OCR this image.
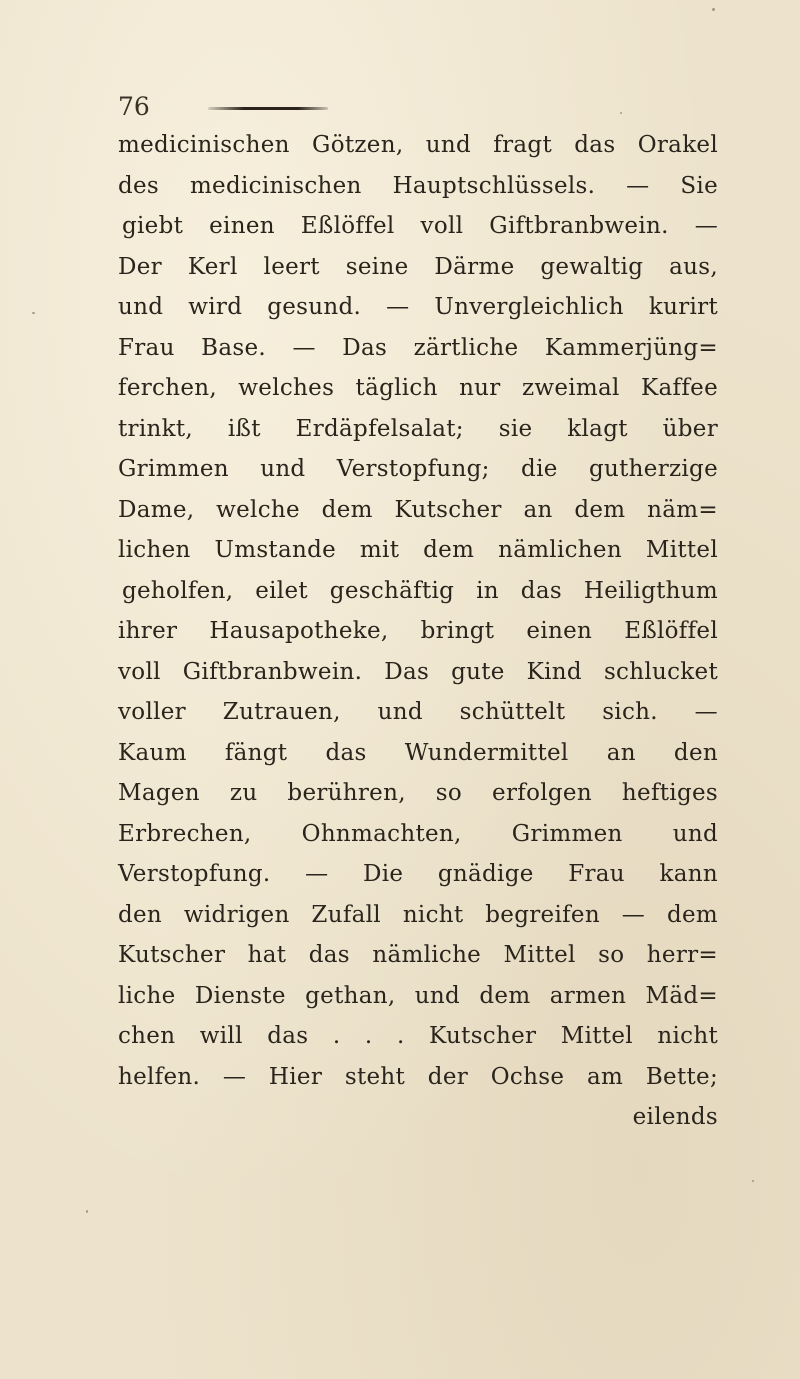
76
medicinischen Götzen, und fragt das Orakel
des medicinischen Hauptschlüssels. — Sie
giebt einen Eßlöffel voll Giftbranbwein. —
Der Kerl leert seine Därme gewaltig aus,
und wird gesund. — Unvergleichlich kurirt
Frau Base. — Das zärtliche Kammerjüng=
ferchen, welches täglich nur zweimal Kaffee
trinkt, ißt Erdäpfelsalat; sie klagt über
Grimmen und Verstopfung; die gutherzige
Dame, welche dem Kutscher an dem näm=
lichen Umstande mit dem nämlichen Mittel
geholfen, eilet geschäftig in das Heiligthum
ihrer Hausapotheke, bringt einen Eßlöffel
voll Giftbranbwein. Das gute Kind schlucket
voller Zutrauen, und schüttelt sich. —
Kaum fängt das Wundermittel an den
Magen zu berühren, so erfolgen heftiges
Erbrechen, Ohnmachten, Grimmen und
Verstopfung. — Die gnädige Frau kann
den widrigen Zufall nicht begreifen — dem
Kutscher hat das nämliche Mittel so herr=
liche Dienste gethan, und dem armen Mäd=
chen will das . . . Kutscher Mittel nicht
helfen. — Hier steht der Ochse am Bette;
eilends
